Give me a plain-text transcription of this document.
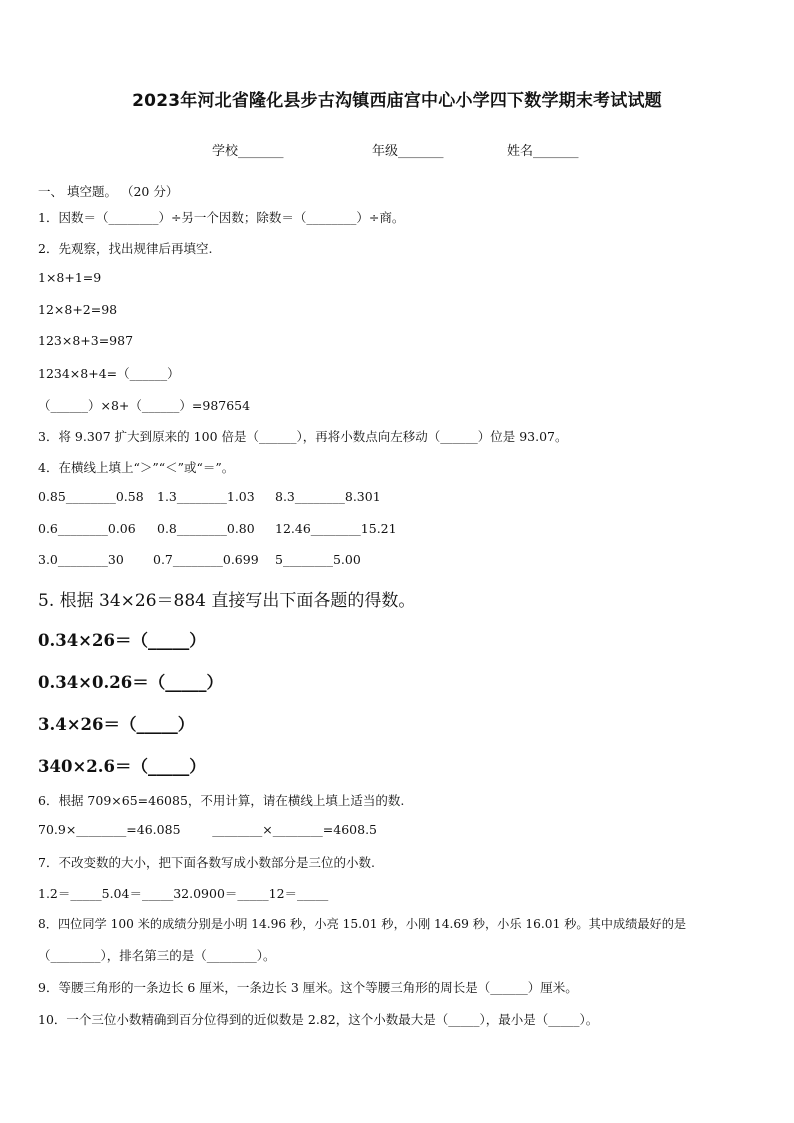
2023年河北省隆化县步古沟镇西庙宫中心小学四下数学期末考试试题
学校_______	年级_______	姓名_______
一、 填空题。 （20 分）
1．因数＝（________）÷另一个因数；除数＝（________）÷商。
2．先观察，找出规律后再填空.
1×8+1=9
12×8+2=98
123×8+3=987
1234×8+4=（______）
（______）×8+（______）=987654
3．将 9.307 扩大到原来的 100 倍是（______），再将小数点向左移动（______）位是 93.07。
4．在横线上填上“＞”“＜”或“＝”。
0.85________0.58 1.3________1.03 8.3________8.301
0.6________0.06 0.8________0.80 12.46________15.21
3.0________30 0.7________0.699 5________5.00
5. 根据 34×26＝884 直接写出下面各题的得数。
0.34×26＝（_____）
0.34×0.26＝（_____）
3.4×26＝（_____）
340×2.6＝（_____）
6．根据 709×65=46085，不用计算，请在横线上填上适当的数.
70.9×________=46.085        ________×________=4608.5
7．不改变数的大小，把下面各数写成小数部分是三位的小数.
1.2＝_____5.04＝_____32.0900＝_____12＝_____
8．四位同学 100 米的成绩分别是小明 14.96 秒，小亮 15.01 秒，小刚 14.69 秒，小乐 16.01 秒。其中成绩最好的是
（________），排名第三的是（________）。
9．等腰三角形的一条边长 6 厘米，一条边长 3 厘米。这个等腰三角形的周长是（______）厘米。
10．一个三位小数精确到百分位得到的近似数是 2.82，这个小数最大是（_____），最小是（_____）。
